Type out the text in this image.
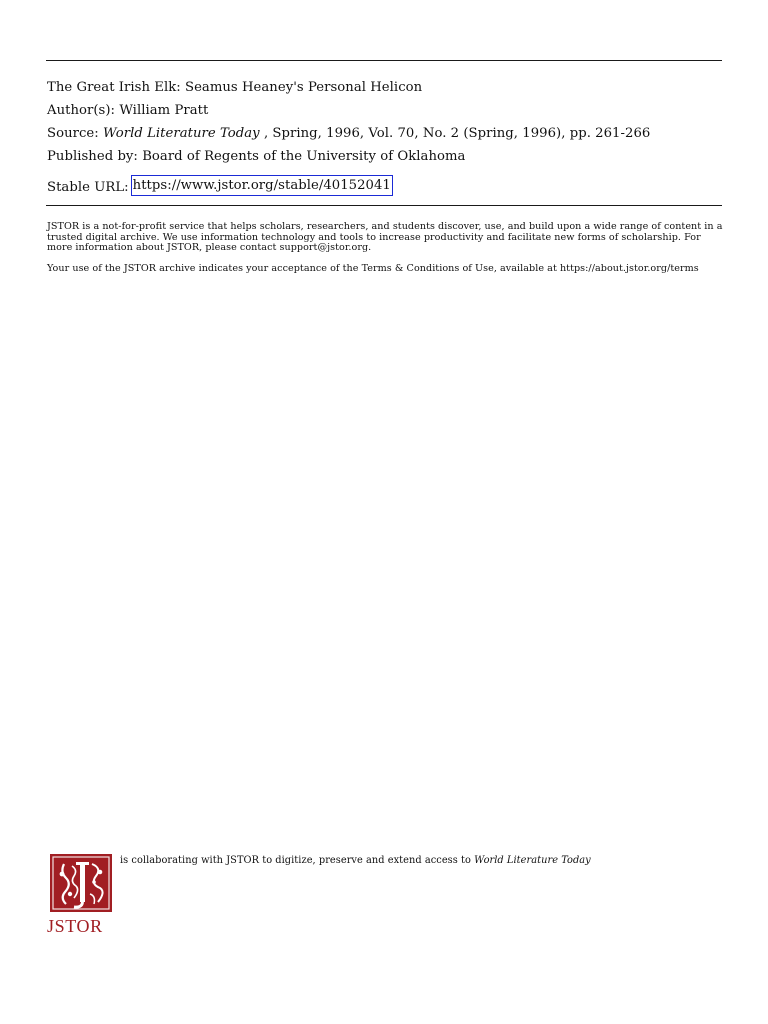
The Great Irish Elk: Seamus Heaney's Personal Helicon
Author(s): William Pratt
Source: World Literature Today , Spring, 1996, Vol. 70, No. 2 (Spring, 1996), pp. 261-266
Published by: Board of Regents of the University of Oklahoma
Stable URL: https://www.jstor.org/stable/40152041
JSTOR is a not-for-profit service that helps scholars, researchers, and students discover, use, and build upon a wide range of content in a trusted digital archive. We use information technology and tools to increase productivity and facilitate new forms of scholarship. For more information about JSTOR, please contact support@jstor.org.
Your use of the JSTOR archive indicates your acceptance of the Terms & Conditions of Use, available at https://about.jstor.org/terms
JSTOR
is collaborating with JSTOR to digitize, preserve and extend access to World Literature Today
